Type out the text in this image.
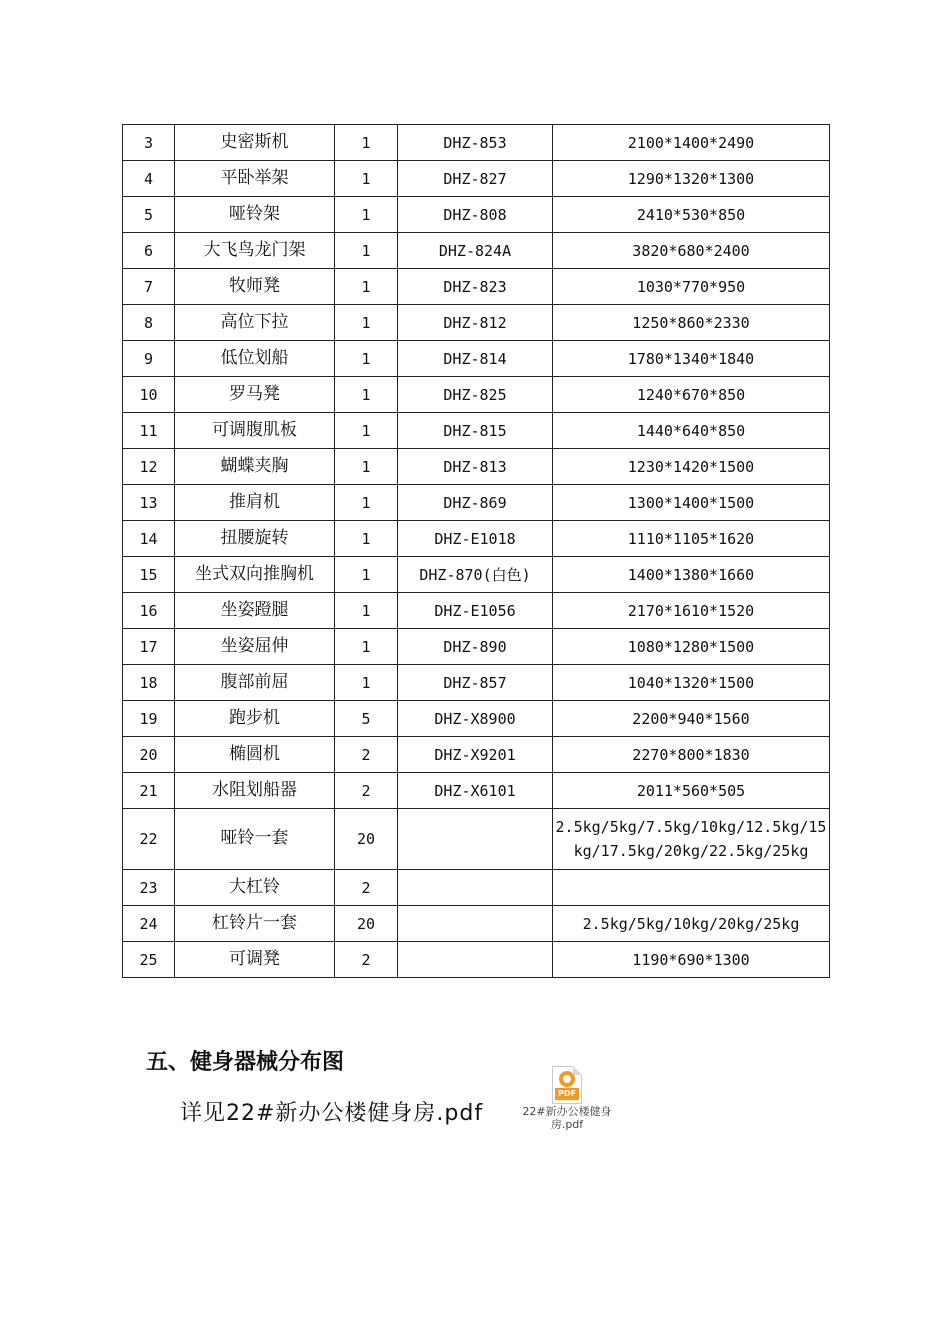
3	史密斯机	1	DHZ-853	2100*1400*2490
4	平卧举架	1	DHZ-827	1290*1320*1300
5	哑铃架	1	DHZ-808	2410*530*850
6	大飞鸟龙门架	1	DHZ-824A	3820*680*2400
7	牧师凳	1	DHZ-823	1030*770*950
8	高位下拉	1	DHZ-812	1250*860*2330
9	低位划船	1	DHZ-814	1780*1340*1840
10	罗马凳	1	DHZ-825	1240*670*850
11	可调腹肌板	1	DHZ-815	1440*640*850
12	蝴蝶夹胸	1	DHZ-813	1230*1420*1500
13	推肩机	1	DHZ-869	1300*1400*1500
14	扭腰旋转	1	DHZ-E1018	1110*1105*1620
15	坐式双向推胸机	1	DHZ-870(白色)	1400*1380*1660
16	坐姿蹬腿	1	DHZ-E1056	2170*1610*1520
17	坐姿屈伸	1	DHZ-890	1080*1280*1500
18	腹部前屈	1	DHZ-857	1040*1320*1500
19	跑步机	5	DHZ-X8900	2200*940*1560
20	椭圆机	2	DHZ-X9201	2270*800*1830
21	水阻划船器	2	DHZ-X6101	2011*560*505
22	哑铃一套	20		2.5kg/5kg/7.5kg/10kg/12.5kg/15kg/17.5kg/20kg/22.5kg/25kg
23	大杠铃	2		
24	杠铃片一套	20		2.5kg/5kg/10kg/20kg/25kg
25	可调凳	2		1190*690*1300
五、健身器械分布图
详见22#新办公楼健身房.pdf
PDF
22#新办公楼健身
房.pdf
